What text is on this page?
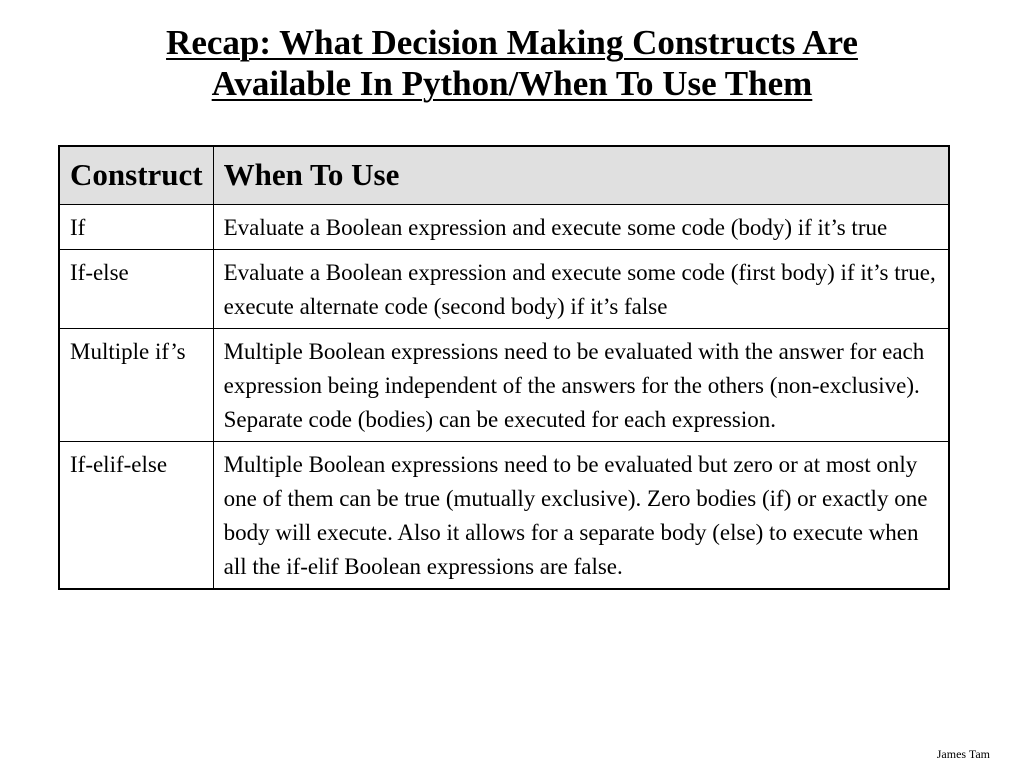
Recap: What Decision Making Constructs Are
Available In Python/When To Use Them
Construct	When To Use
If	Evaluate a Boolean expression and execute some code (body) if it’s true
If-else	Evaluate a Boolean expression and execute some code (first body) if it’s true, execute alternate code (second body) if it’s false
Multiple if’s	Multiple Boolean expressions need to be evaluated with the answer for each expression being independent of the answers for the others (non-exclusive). Separate code (bodies) can be executed for each expression.
If-elif-else	Multiple Boolean expressions need to be evaluated but zero or at most only one of them can be true (mutually exclusive). Zero bodies (if) or exactly one body will execute. Also it allows for a separate body (else) to execute when all the if-elif Boolean expressions are false.
James Tam
